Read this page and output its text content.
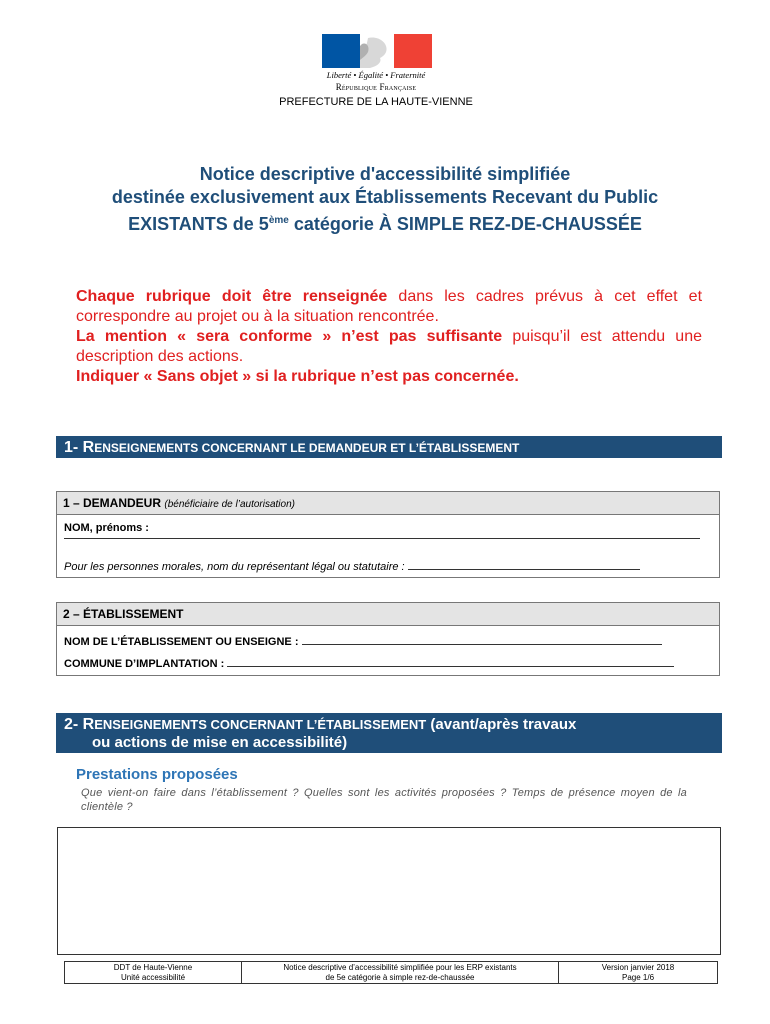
Liberté • Égalité • Fraternité
République Française
PREFECTURE DE LA HAUTE-VIENNE
Notice descriptive d'accessibilité simplifiée
destinée exclusivement aux Établissements Recevant du Public
EXISTANTS de 5ème catégorie À SIMPLE REZ-DE-CHAUSSÉE
Chaque rubrique doit être renseignée dans les cadres prévus à cet effet et correspondre au projet ou à la situation rencontrée.
La mention « sera conforme » n’est pas suffisante puisqu’il est attendu une description des actions.
Indiquer « Sans objet » si la rubrique n’est pas concernée.
1- RENSEIGNEMENTS CONCERNANT LE DEMANDEUR ET L’ÉTABLISSEMENT
1 – DEMANDEUR (bénéficiaire de l’autorisation)
NOM, prénoms :
Pour les personnes morales, nom du représentant légal ou statutaire :
2 – ÉTABLISSEMENT
NOM DE L’ÉTABLISSEMENT OU ENSEIGNE :
COMMUNE D’IMPLANTATION :
2- RENSEIGNEMENTS CONCERNANT L’ÉTABLISSEMENT (avant/après travaux
ou actions de mise en accessibilité)
Prestations proposées
Que vient-on faire dans l’établissement ? Quelles sont les activités proposées ? Temps de présence moyen de la clientèle ?
DDT de Haute-Vienne
Unité accessibilité
Notice descriptive d’accessibilité simplifiée pour les ERP existants
de 5e catégorie à simple rez-de-chaussée
Version janvier 2018
Page 1/6
